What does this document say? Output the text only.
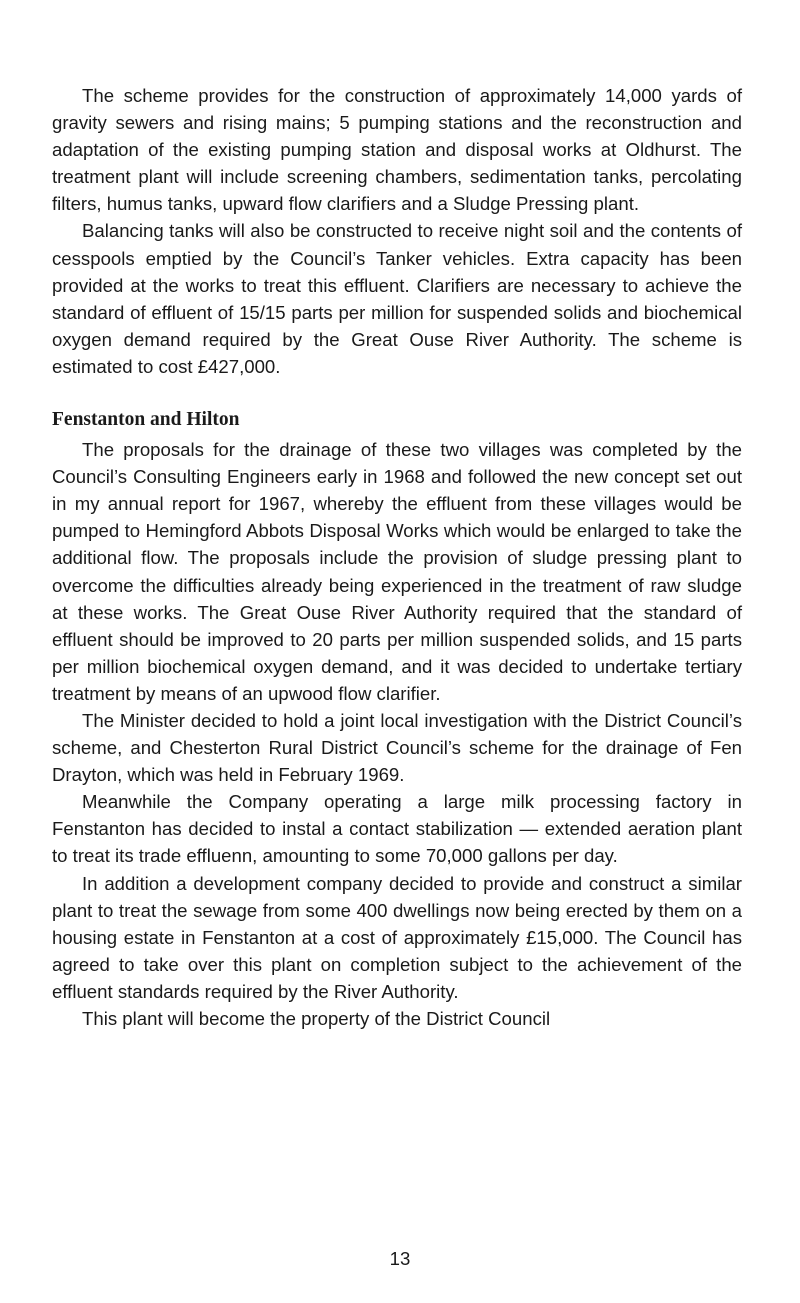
The scheme provides for the construction of approximately 14,000 yards of gravity sewers and rising mains; 5 pumping stations and the reconstruction and adaptation of the existing pumping station and disposal works at Oldhurst. The treatment plant will include screening chambers, sedimentation tanks, percolating filters, humus tanks, upward flow clarifiers and a Sludge Pressing plant.

Balancing tanks will also be constructed to receive night soil and the contents of cesspools emptied by the Council’s Tanker vehicles. Extra capacity has been provided at the works to treat this effluent. Clarifiers are necessary to achieve the standard of effluent of 15/15 parts per million for suspended solids and biochemical oxygen demand required by the Great Ouse River Authority. The scheme is estimated to cost £427,000.

Fenstanton and Hilton

The proposals for the drainage of these two villages was completed by the Council’s Consulting Engineers early in 1968 and followed the new concept set out in my annual report for 1967, whereby the effluent from these villages would be pumped to Hemingford Abbots Disposal Works which would be enlarged to take the additional flow. The proposals include the provision of sludge pressing plant to overcome the difficulties already being experienced in the treatment of raw sludge at these works. The Great Ouse River Authority required that the standard of effluent should be improved to 20 parts per million suspended solids, and 15 parts per million biochemical oxygen demand, and it was decided to undertake tertiary treatment by means of an upwood flow clarifier.

The Minister decided to hold a joint local investigation with the District Council’s scheme, and Chesterton Rural District Council’s scheme for the drainage of Fen Drayton, which was held in February 1969.

Meanwhile the Company operating a large milk processing factory in Fenstanton has decided to instal a contact stabilization — extended aeration plant to treat its trade effluenn, amounting to some 70,000 gallons per day.

In addition a development company decided to provide and construct a similar plant to treat the sewage from some 400 dwellings now being erected by them on a housing estate in Fenstanton at a cost of approximately £15,000. The Council has agreed to take over this plant on completion subject to the achievement of the effluent standards required by the River Authority.

This plant will become the property of the District Council

13
